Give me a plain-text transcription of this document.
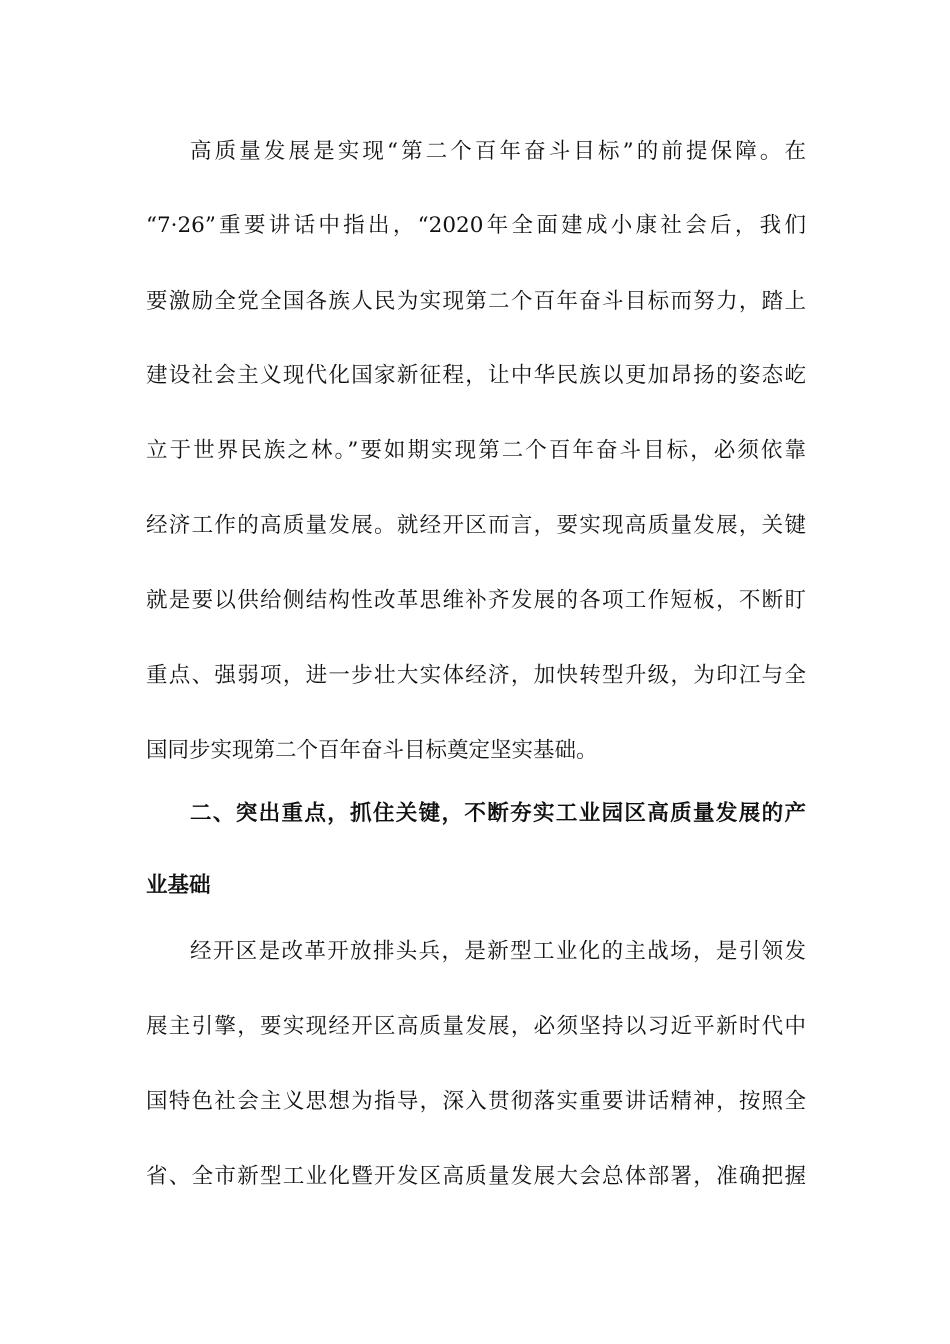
高质量发展是实现“第二个百年奋斗目标”的前提保障。在
“7·26”重要讲话中指出，“2020年全面建成小康社会后，我们
要激励全党全国各族人民为实现第二个百年奋斗目标而努力，踏上
建设社会主义现代化国家新征程，让中华民族以更加昂扬的姿态屹
立于世界民族之林。”要如期实现第二个百年奋斗目标，必须依靠
经济工作的高质量发展。就经开区而言，要实现高质量发展，关键
就是要以供给侧结构性改革思维补齐发展的各项工作短板，不断盯
重点、强弱项，进一步壮大实体经济，加快转型升级，为印江与全
国同步实现第二个百年奋斗目标奠定坚实基础。
二、突出重点，抓住关键，不断夯实工业园区高质量发展的产
业基础
经开区是改革开放排头兵，是新型工业化的主战场，是引领发
展主引擎，要实现经开区高质量发展，必须坚持以习近平新时代中
国特色社会主义思想为指导，深入贯彻落实重要讲话精神，按照全
省、全市新型工业化暨开发区高质量发展大会总体部署，准确把握
